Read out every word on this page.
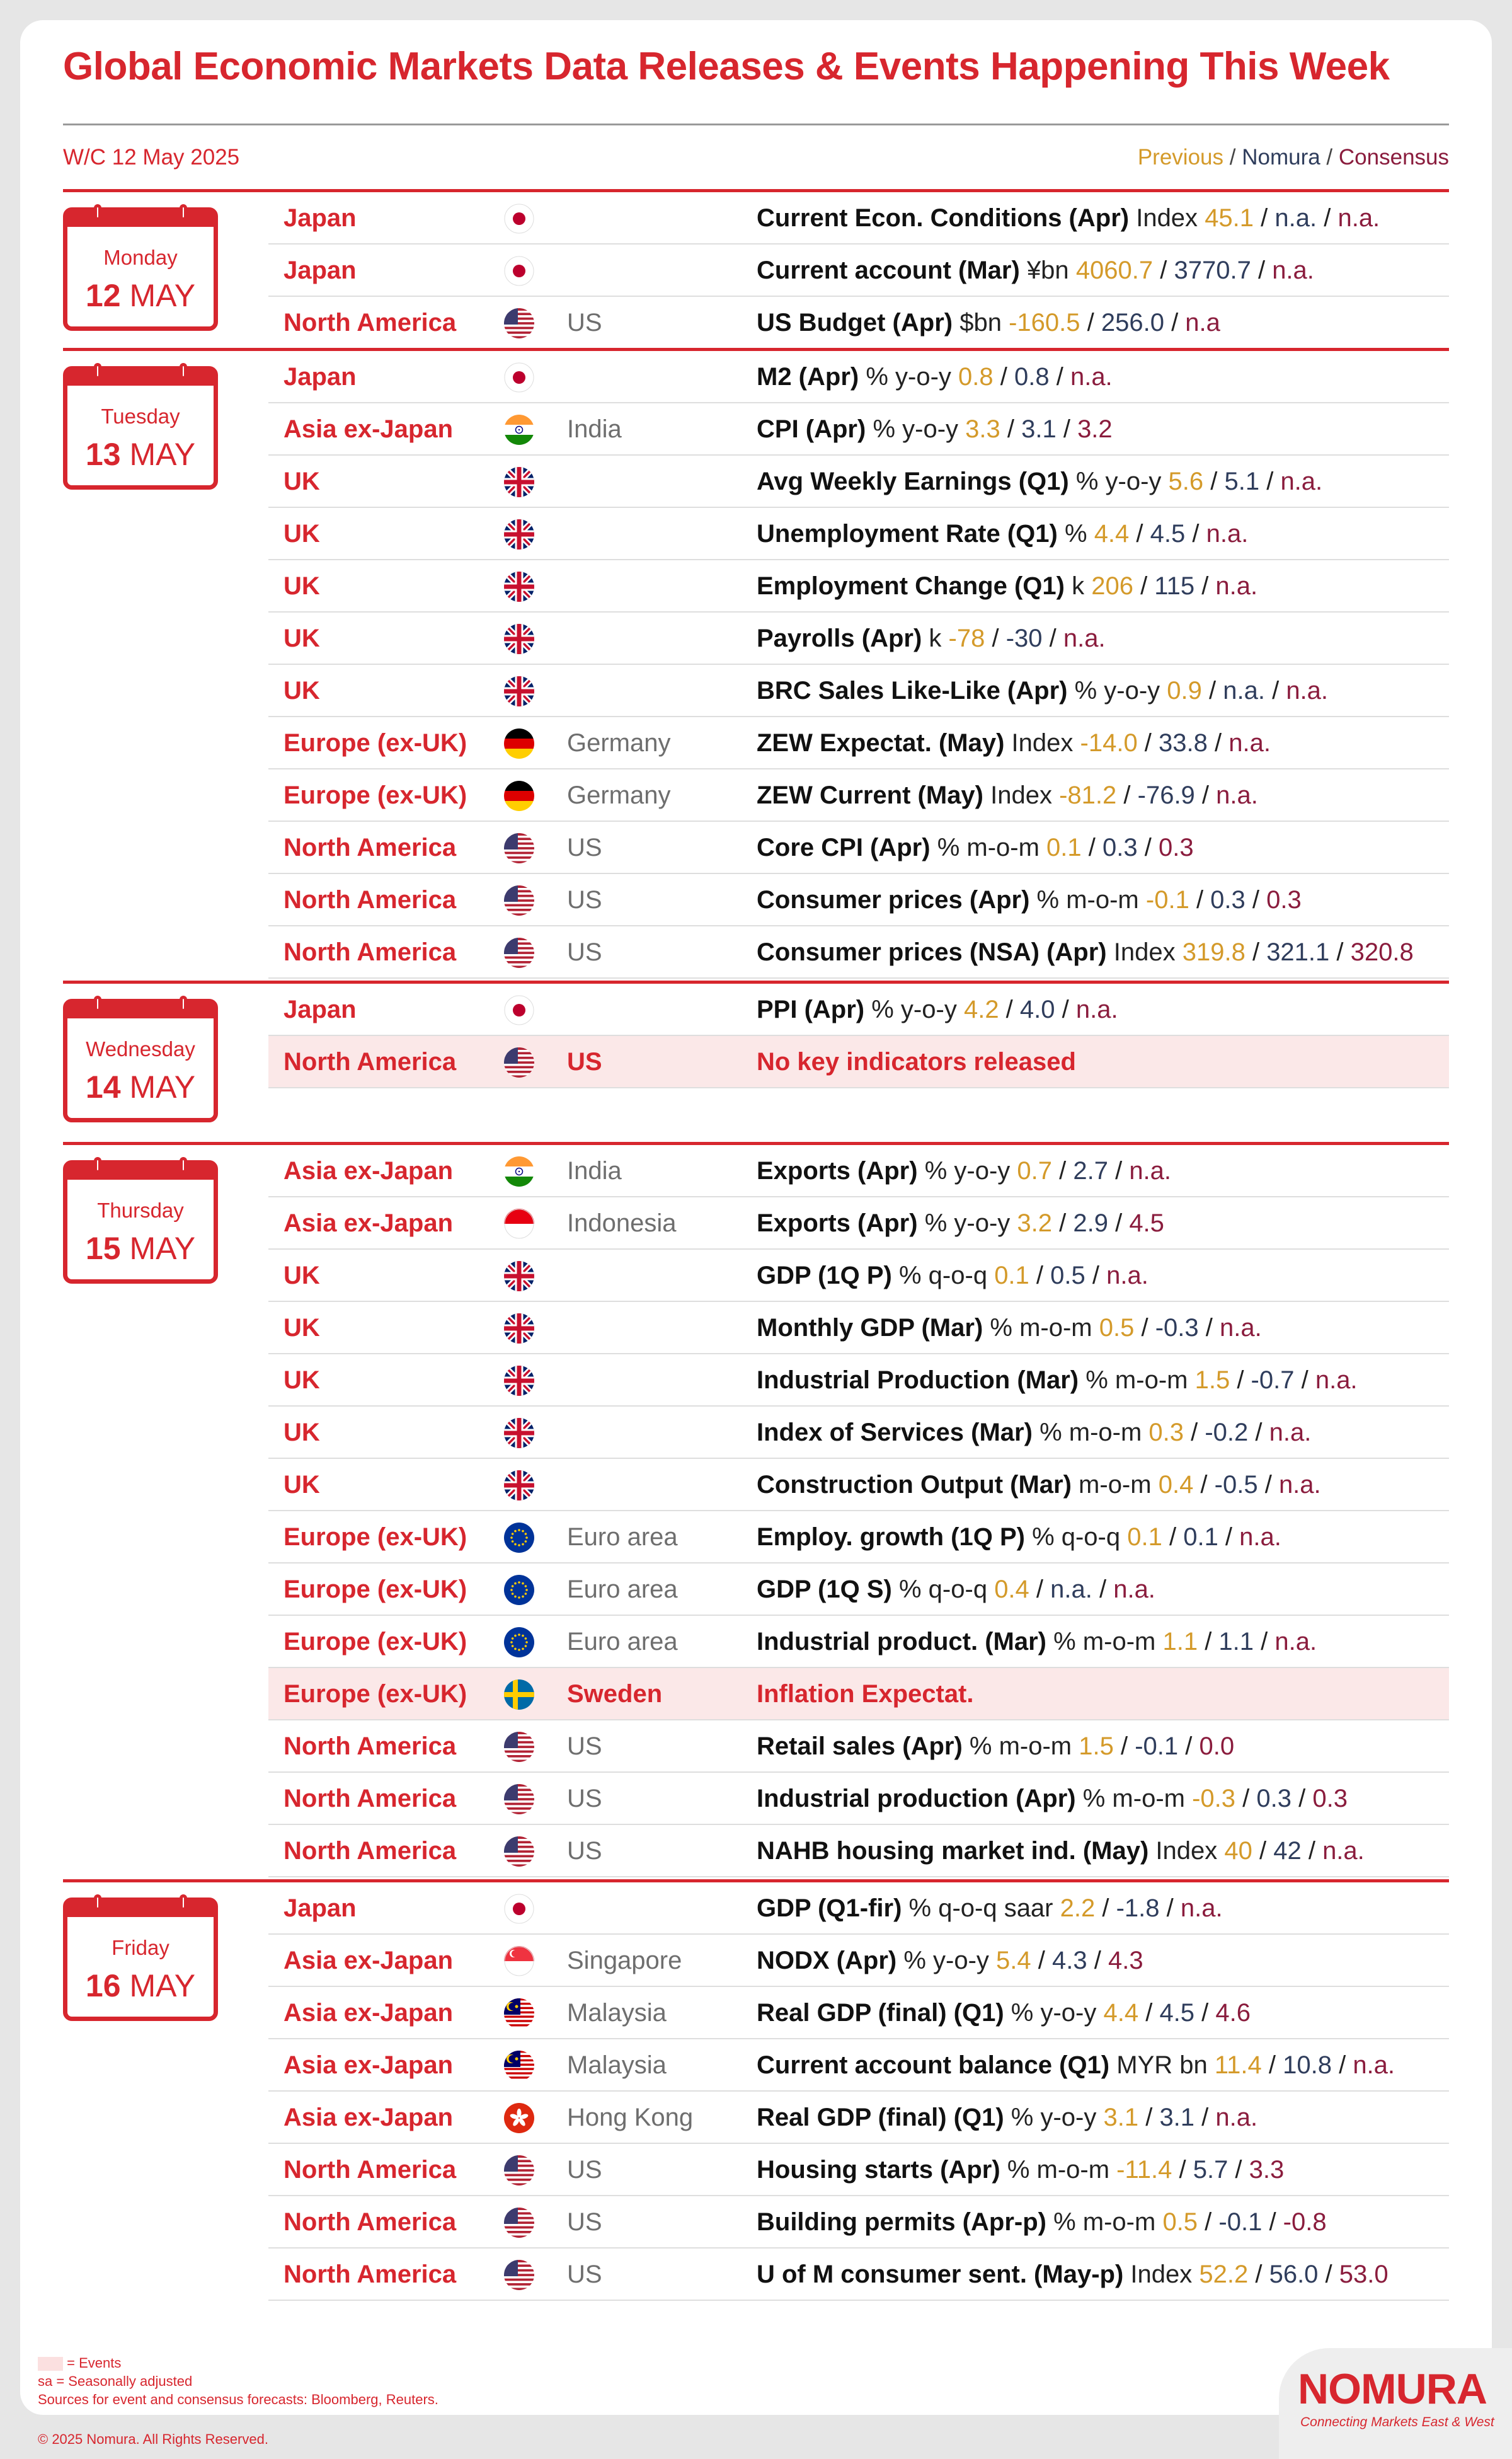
Global Economic Markets Data Releases & Events Happening This Week
W/C 12 May 2025	Previous / Nomura / Consensus
Monday
12 MAY
Japan	Current Econ. Conditions (Apr) Index 45.1 / n.a. / n.a.
Japan	Current account (Mar) ¥bn 4060.7 / 3770.7 / n.a.
North America	US	US Budget (Apr) $bn -160.5 / 256.0 / n.a
Tuesday
13 MAY
Japan	M2 (Apr) % y-o-y 0.8 / 0.8 / n.a.
Asia ex-Japan	India	CPI (Apr) % y-o-y 3.3 / 3.1 / 3.2
UK	Avg Weekly Earnings (Q1) % y-o-y 5.6 / 5.1 / n.a.
UK	Unemployment Rate (Q1) % 4.4 / 4.5 / n.a.
UK	Employment Change (Q1) k 206 / 115 / n.a.
UK	Payrolls (Apr) k -78 / -30 / n.a.
UK	BRC Sales Like-Like (Apr) % y-o-y 0.9 / n.a. / n.a.
Europe (ex-UK)	Germany	ZEW Expectat. (May) Index -14.0 / 33.8 / n.a.
Europe (ex-UK)	Germany	ZEW Current (May) Index -81.2 / -76.9 / n.a.
North America	US	Core CPI (Apr) % m-o-m 0.1 / 0.3 / 0.3
North America	US	Consumer prices (Apr) % m-o-m -0.1 / 0.3 / 0.3
North America	US	Consumer prices (NSA) (Apr) Index 319.8 / 321.1 / 320.8
Wednesday
14 MAY
Japan	PPI (Apr) % y-o-y 4.2 / 4.0 / n.a.
North America	US	No key indicators released
Thursday
15 MAY
Asia ex-Japan	India	Exports (Apr) % y-o-y 0.7 / 2.7 / n.a.
Asia ex-Japan	Indonesia	Exports (Apr) % y-o-y 3.2 / 2.9 / 4.5
UK	GDP (1Q P) % q-o-q 0.1 / 0.5 / n.a.
UK	Monthly GDP (Mar) % m-o-m 0.5 / -0.3 / n.a.
UK	Industrial Production (Mar) % m-o-m 1.5 / -0.7 / n.a.
UK	Index of Services (Mar) % m-o-m 0.3 / -0.2 / n.a.
UK	Construction Output (Mar) m-o-m 0.4 / -0.5 / n.a.
Europe (ex-UK)	Euro area	Employ. growth (1Q P) % q-o-q 0.1 / 0.1 / n.a.
Europe (ex-UK)	Euro area	GDP (1Q S) % q-o-q 0.4 / n.a. / n.a.
Europe (ex-UK)	Euro area	Industrial product. (Mar) % m-o-m 1.1 / 1.1 / n.a.
Europe (ex-UK)	Sweden	Inflation Expectat.
North America	US	Retail sales (Apr) % m-o-m 1.5 / -0.1 / 0.0
North America	US	Industrial production (Apr) % m-o-m -0.3 / 0.3 / 0.3
North America	US	NAHB housing market ind. (May) Index 40 / 42 / n.a.
Friday
16 MAY
Japan	GDP (Q1-fir) % q-o-q saar 2.2 / -1.8 / n.a.
Asia ex-Japan	Singapore	NODX (Apr) % y-o-y 5.4 / 4.3 / 4.3
Asia ex-Japan	Malaysia	Real GDP (final) (Q1) % y-o-y 4.4 / 4.5 / 4.6
Asia ex-Japan	Malaysia	Current account balance (Q1) MYR bn 11.4 / 10.8 / n.a.
Asia ex-Japan	Hong Kong	Real GDP (final) (Q1) % y-o-y 3.1 / 3.1 / n.a.
North America	US	Housing starts (Apr) % m-o-m -11.4 / 5.7 / 3.3
North America	US	Building permits (Apr-p) % m-o-m 0.5 / -0.1 / -0.8
North America	US	U of M consumer sent. (May-p) Index 52.2 / 56.0 / 53.0
= Events
sa = Seasonally adjusted
Sources for event and consensus forecasts: Bloomberg, Reuters.
© 2025 Nomura. All Rights Reserved.
NOMURA
Connecting Markets East & West
